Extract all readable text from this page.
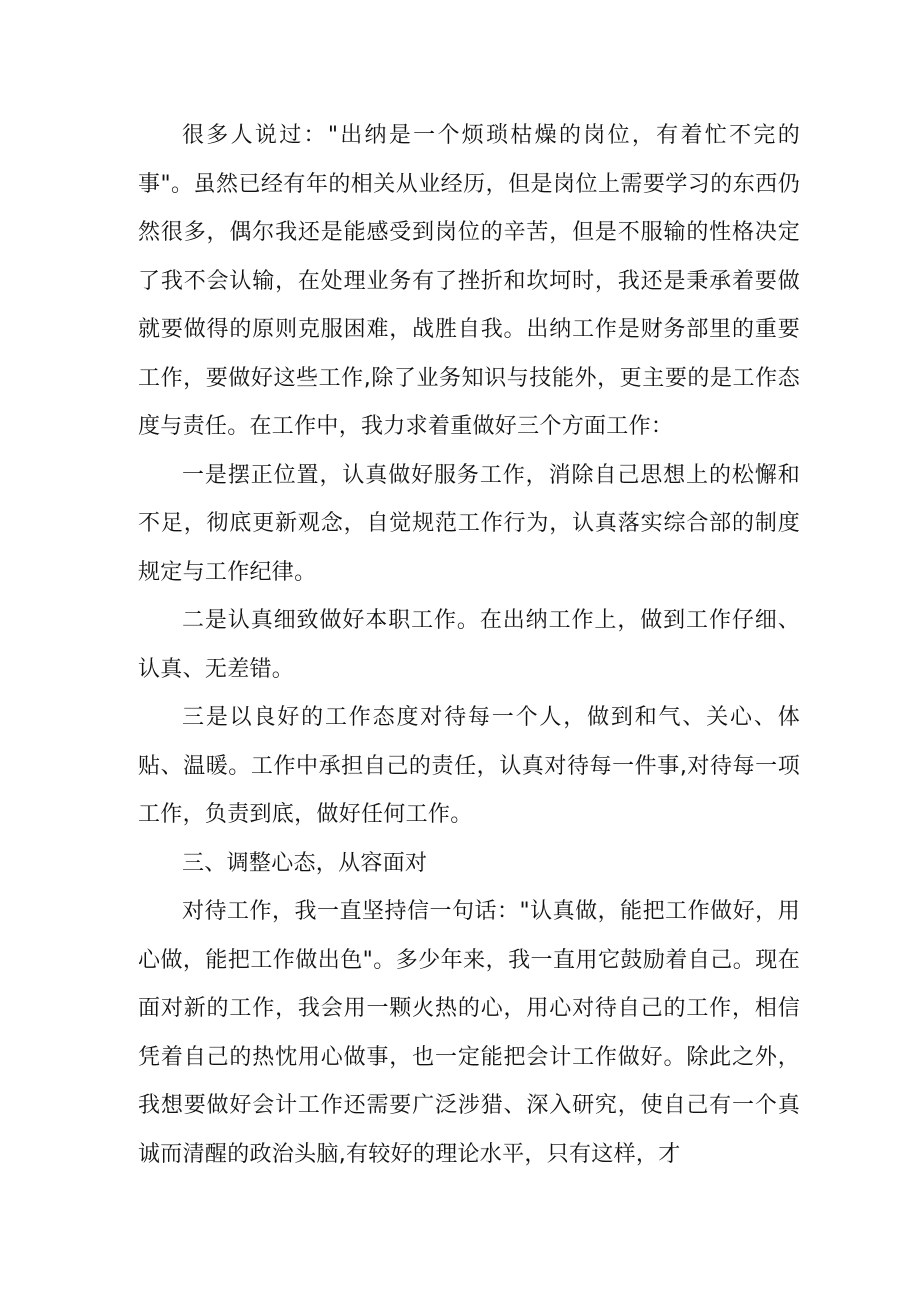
很多人说过："出纳是一个烦琐枯燥的岗位，有着忙不完的事"。虽然已经有年的相关从业经历，但是岗位上需要学习的东西仍然很多，偶尔我还是能感受到岗位的辛苦，但是不服输的性格决定了我不会认输，在处理业务有了挫折和坎坷时，我还是秉承着要做就要做得的原则克服困难，战胜自我。出纳工作是财务部里的重要工作，要做好这些工作,除了业务知识与技能外，更主要的是工作态度与责任。在工作中，我力求着重做好三个方面工作：

一是摆正位置，认真做好服务工作，消除自己思想上的松懈和不足，彻底更新观念，自觉规范工作行为，认真落实综合部的制度规定与工作纪律。

二是认真细致做好本职工作。在出纳工作上，做到工作仔细、认真、无差错。

三是以良好的工作态度对待每一个人，做到和气、关心、体贴、温暖。工作中承担自己的责任，认真对待每一件事,对待每一项工作，负责到底，做好任何工作。

三、调整心态，从容面对

对待工作，我一直坚持信一句话："认真做，能把工作做好，用心做，能把工作做出色"。多少年来，我一直用它鼓励着自己。现在面对新的工作，我会用一颗火热的心，用心对待自己的工作，相信凭着自己的热忱用心做事，也一定能把会计工作做好。除此之外，我想要做好会计工作还需要广泛涉猎、深入研究，使自己有一个真诚而清醒的政治头脑,有较好的理论水平，只有这样，才
